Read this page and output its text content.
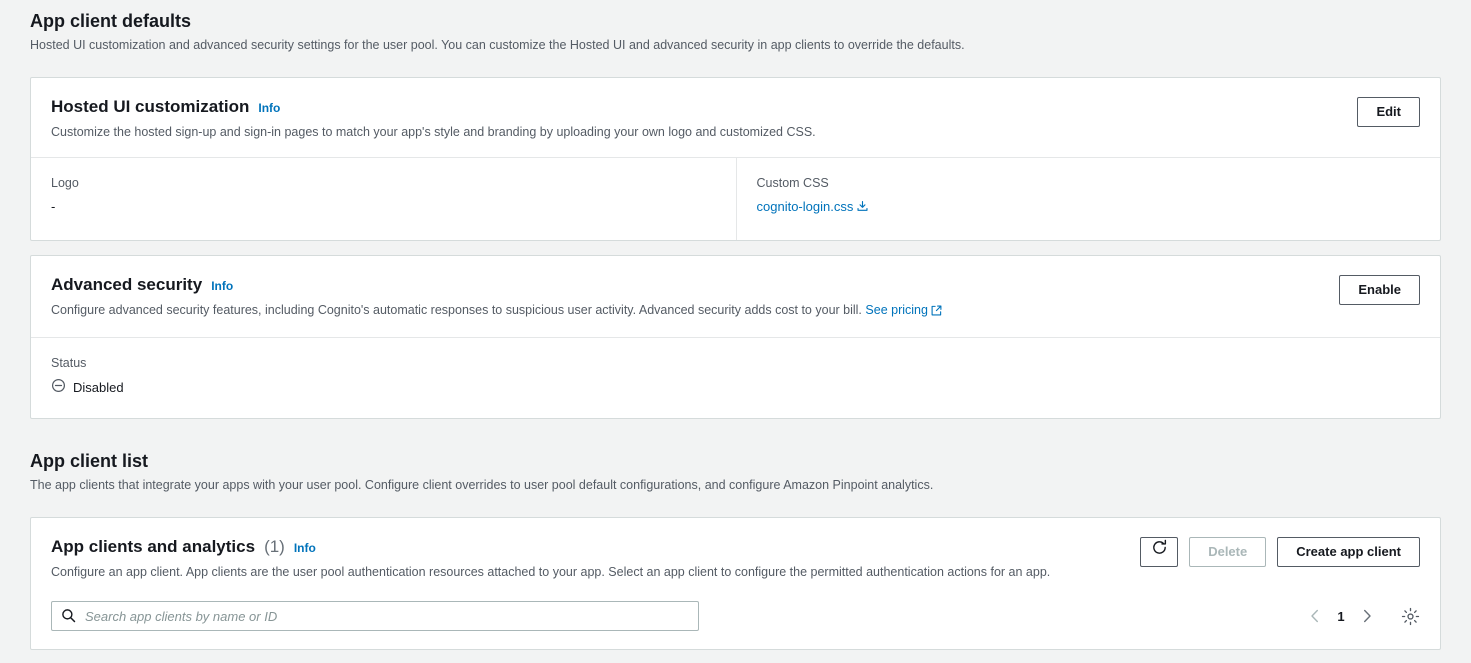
App client defaults

Hosted UI customization and advanced security settings for the user pool. You can customize the Hosted UI and advanced security in app clients to override the defaults.

Hosted UI customization Info
Customize the hosted sign-up and sign-in pages to match your app's style and branding by uploading your own logo and customized CSS.
Edit
Logo
-
Custom CSS
cognito-login.css
Advanced security Info
Configure advanced security features, including Cognito's automatic responses to suspicious user activity. Advanced security adds cost to your bill. See pricing
Enable
Status
Disabled
App client list

The app clients that integrate your apps with your user pool. Configure client overrides to user pool default configurations, and configure Amazon Pinpoint analytics.

App clients and analytics (1) Info
Configure an app client. App clients are the user pool authentication resources attached to your app. Select an app client to configure the permitted authentication actions for an app.
Delete	Create app client
Search app clients by name or ID
1
